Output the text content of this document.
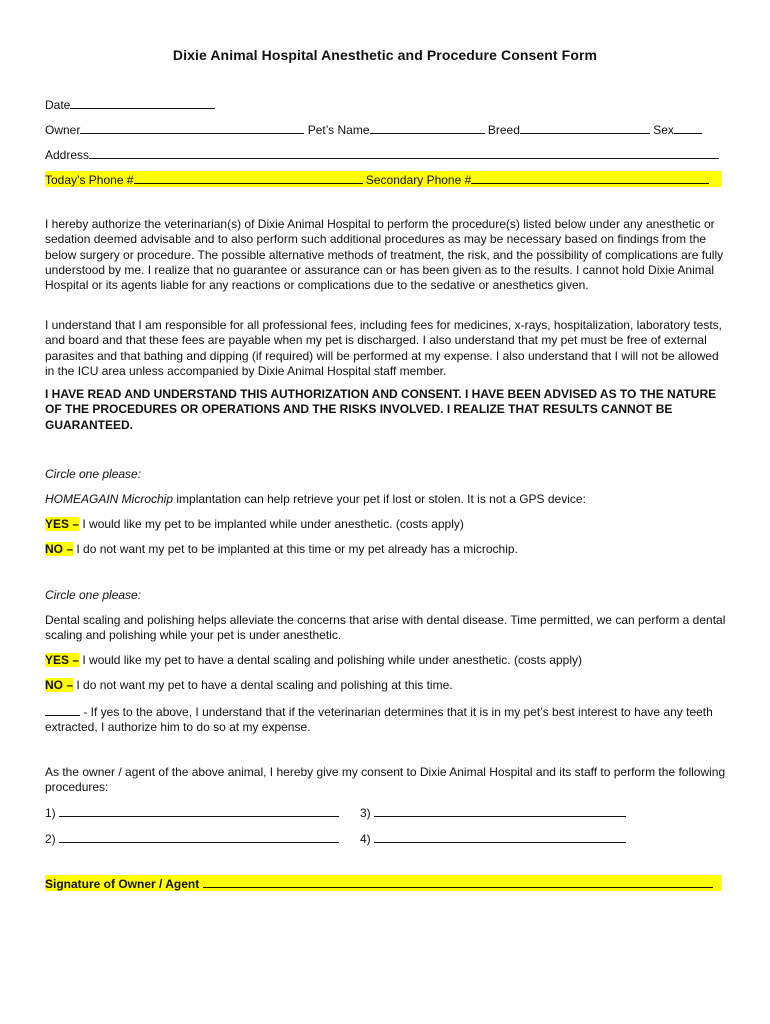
Dixie Animal Hospital Anesthetic and Procedure Consent Form
Date
Owner	Pet’s Name	Breed	Sex
Address
Today’s Phone #	Secondary Phone #
I hereby authorize the veterinarian(s) of Dixie Animal Hospital to perform the procedure(s) listed below under any anesthetic or sedation deemed advisable and to also perform such additional procedures as may be necessary based on findings from the below surgery or procedure. The possible alternative methods of treatment, the risk, and the possibility of complications are fully understood by me. I realize that no guarantee or assurance can or has been given as to the results. I cannot hold Dixie Animal Hospital or its agents liable for any reactions or complications due to the sedative or anesthetics given.
I understand that I am responsible for all professional fees, including fees for medicines, x-rays, hospitalization, laboratory tests, and board and that these fees are payable when my pet is discharged. I also understand that my pet must be free of external parasites and that bathing and dipping (if required) will be performed at my expense. I also understand that I will not be allowed in the ICU area unless accompanied by Dixie Animal Hospital staff member.
I HAVE READ AND UNDERSTAND THIS AUTHORIZATION AND CONSENT. I HAVE BEEN ADVISED AS TO THE NATURE OF THE PROCEDURES OR OPERATIONS AND THE RISKS INVOLVED. I REALIZE THAT RESULTS CANNOT BE GUARANTEED.
Circle one please:
HOMEAGAIN Microchip implantation can help retrieve your pet if lost or stolen. It is not a GPS device:
YES – I would like my pet to be implanted while under anesthetic. (costs apply)
NO – I do not want my pet to be implanted at this time or my pet already has a microchip.
Circle one please:
Dental scaling and polishing helps alleviate the concerns that arise with dental disease. Time permitted, we can perform a dental scaling and polishing while your pet is under anesthetic.
YES – I would like my pet to have a dental scaling and polishing while under anesthetic. (costs apply)
NO – I do not want my pet to have a dental scaling and polishing at this time.
- If yes to the above, I understand that if the veterinarian determines that it is in my pet’s best interest to have any teeth extracted, I authorize him to do so at my expense.
As the owner / agent of the above animal, I hereby give my consent to Dixie Animal Hospital and its staff to perform the following procedures:
1)	3)
2)	4)
Signature of Owner / Agent
